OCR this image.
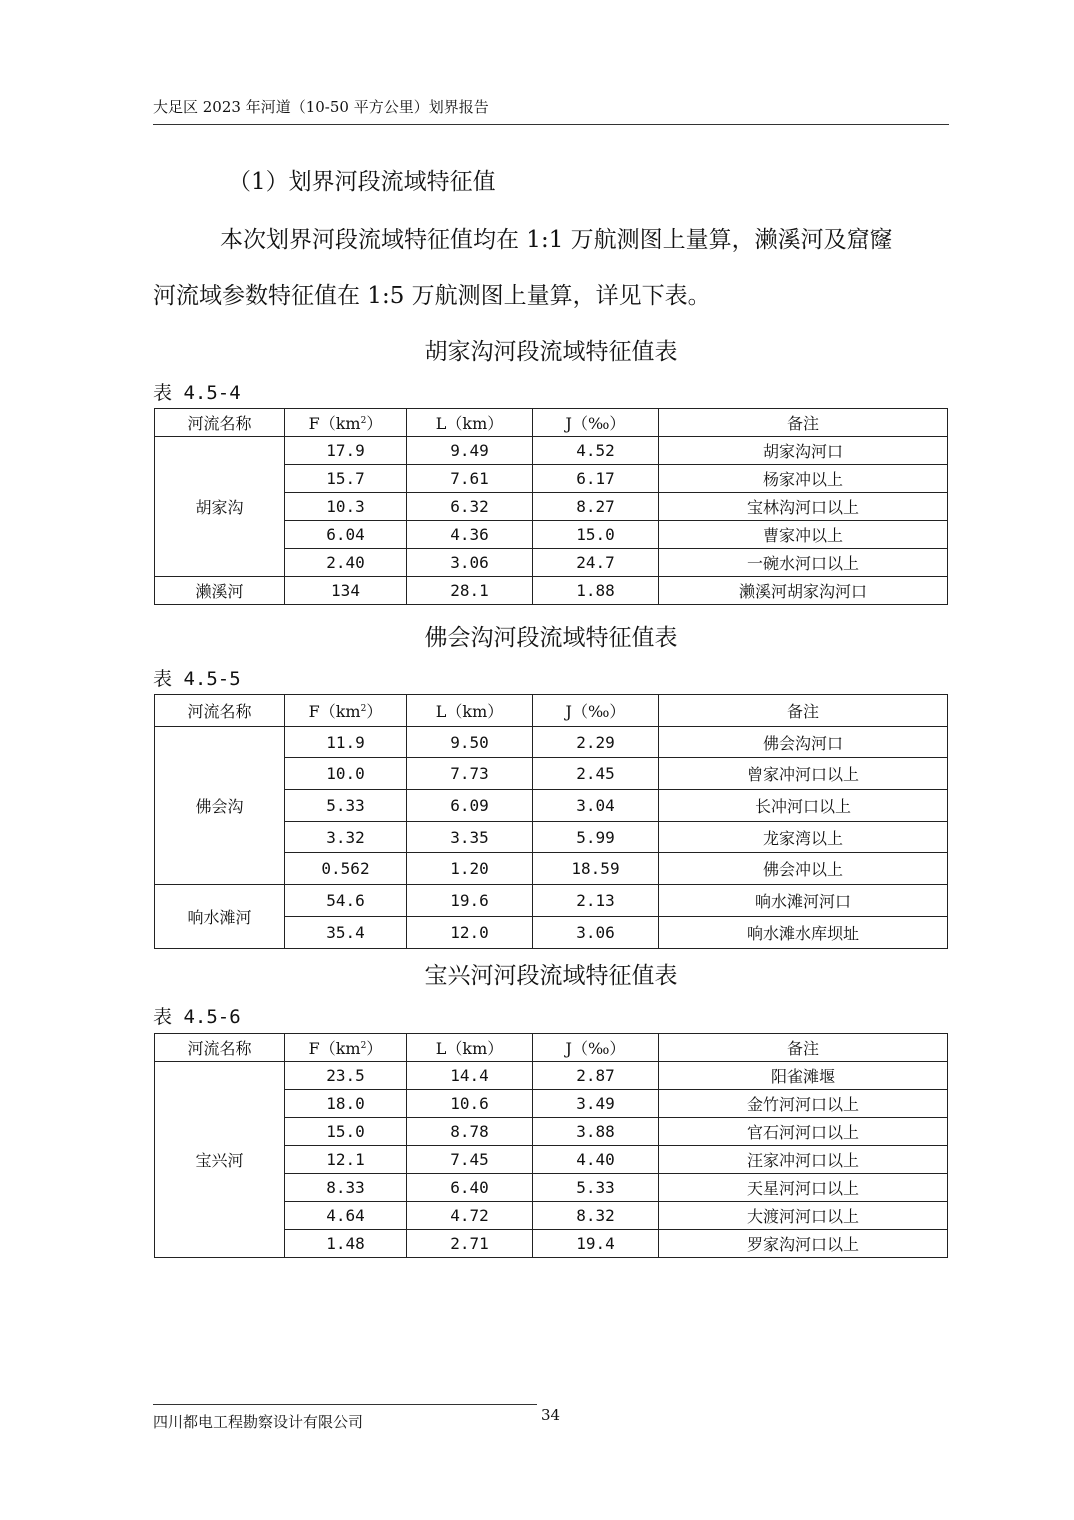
大足区 2023 年河道（10-50 平方公里）划界报告
（1）划界河段流域特征值
本次划界河段流域特征值均在 1:1 万航测图上量算，濑溪河及窟窿
河流域参数特征值在 1:5 万航测图上量算，详见下表。
胡家沟河段流域特征值表
表 4.5-4
河流名称	$F(km^2)$	L（km）	J（‰）	备注
胡家沟	17.9	9.49	4.52	胡家沟河口
	15.7	7.61	6.17	杨家冲以上
	10.3	6.32	8.27	宝林沟河口以上
	6.04	4.36	15.0	曹家冲以上
	2.40	3.06	24.7	一碗水河口以上
濑溪河	134	28.1	1.88	濑溪河胡家沟河口
佛会沟河段流域特征值表
表 4.5-5
河流名称	$F(km^2)$	L（km）	J（‰）	备注
佛会沟	11.9	9.50	2.29	佛会沟河口
	10.0	7.73	2.45	曾家冲河口以上
	5.33	6.09	3.04	长冲河口以上
	3.32	3.35	5.99	龙家湾以上
	0.562	1.20	18.59	佛会冲以上
响水滩河	54.6	19.6	2.13	响水滩河河口
	35.4	12.0	3.06	响水滩水库坝址
宝兴河河段流域特征值表
表 4.5-6
河流名称	$F(km^2)$	L（km）	J（‰）	备注
宝兴河	23.5	14.4	2.87	阳雀滩堰
	18.0	10.6	3.49	金竹河河口以上
	15.0	8.78	3.88	官石河河口以上
	12.1	7.45	4.40	汪家冲河口以上
	8.33	6.40	5.33	天星河河口以上
	4.64	4.72	8.32	大渡河河口以上
	1.48	2.71	19.4	罗家沟河口以上
四川都电工程勘察设计有限公司	34
